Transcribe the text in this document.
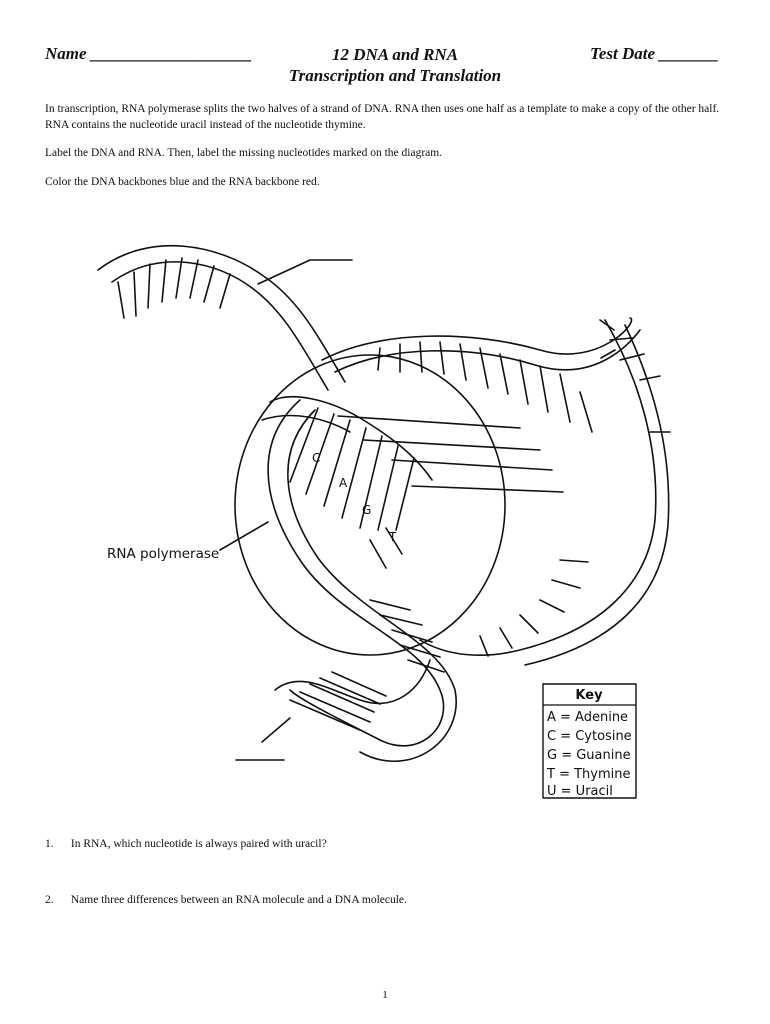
Name ___________________	12 DNA and RNA
Transcription and Translation
Test Date _______

In transcription, RNA polymerase splits the two halves of a strand of DNA. RNA then uses one half as a template to make a copy of the other half. RNA contains the nucleotide uracil instead of the nucleotide thymine.

Label the DNA and RNA. Then, label the missing nucleotides marked on the diagram.

Color the DNA backbones blue and the RNA backbone red.

C
A
G
T
RNA polymerase
Key
A = Adenine
C = Cytosine
G = Guanine
T = Thymine
U = Uracil
1. In RNA, which nucleotide is always paired with uracil?
2. Name three differences between an RNA molecule and a DNA molecule.
1
